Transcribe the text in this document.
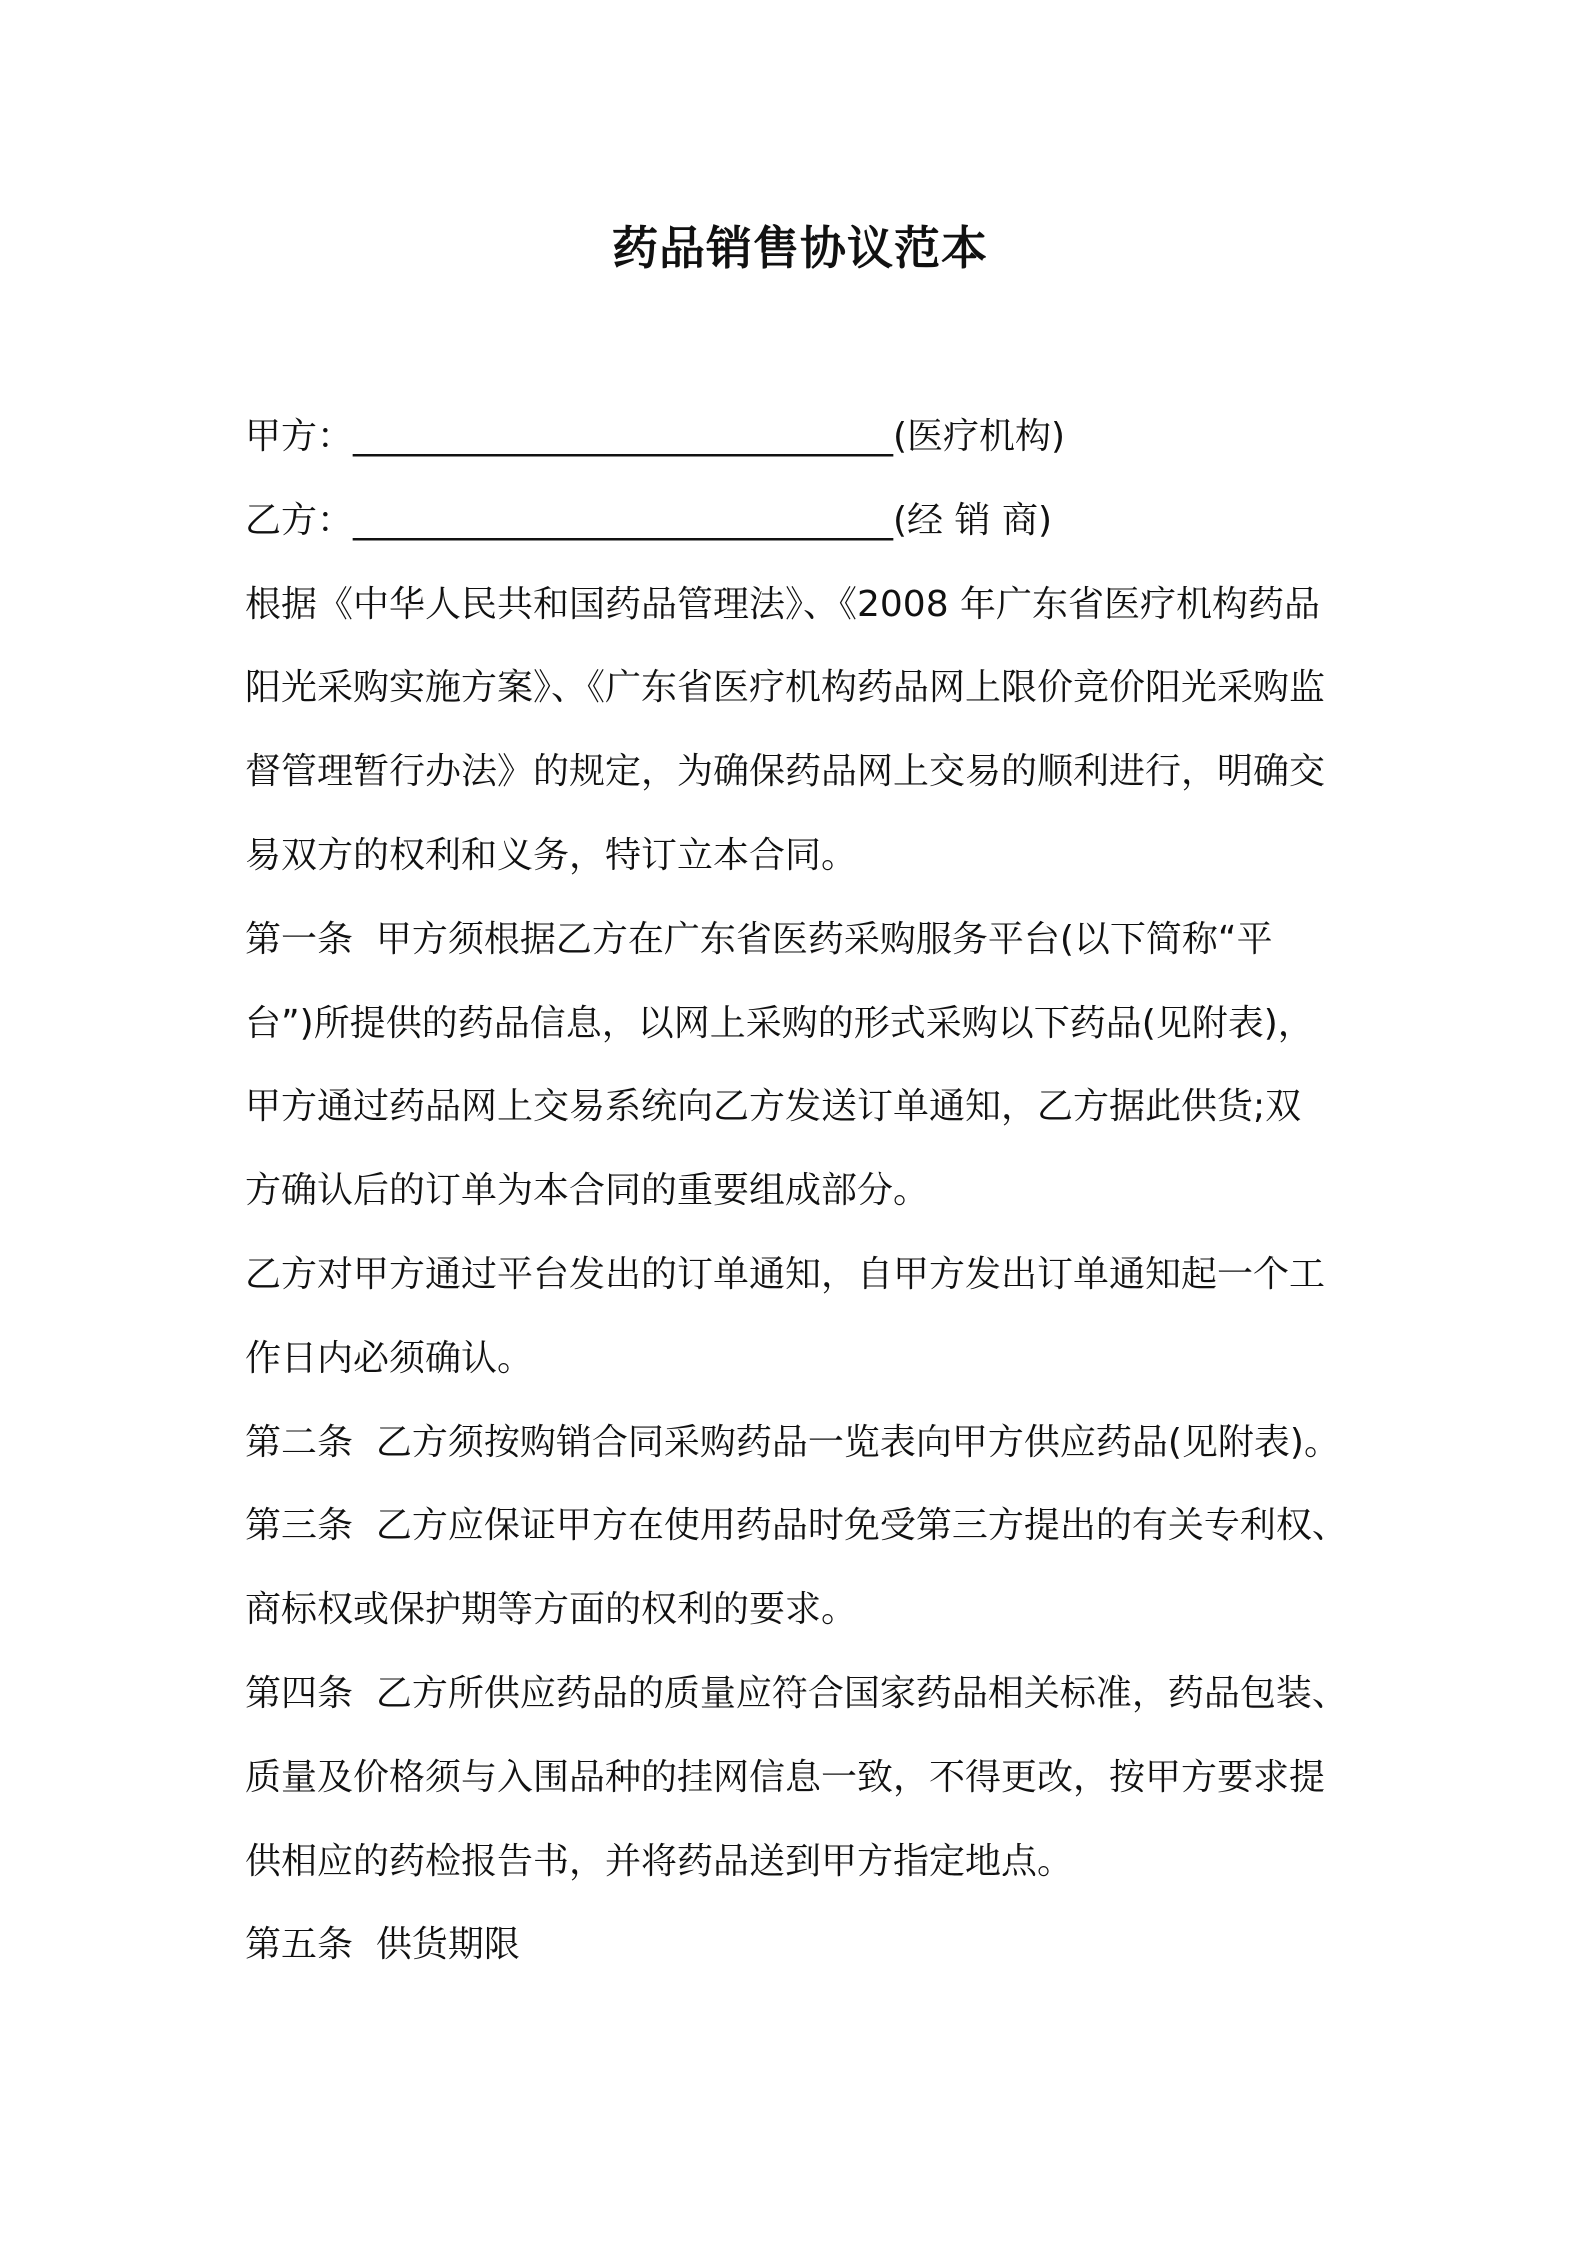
药品销售协议范本
甲方：______________________________(医疗机构)
乙方：______________________________(经 销 商)
根据《中华人民共和国药品管理法》、《2008 年广东省医疗机构药品
阳光采购实施方案》、《广东省医疗机构药品网上限价竞价阳光采购监
督管理暂行办法》的规定，为确保药品网上交易的顺利进行，明确交
易双方的权利和义务，特订立本合同。
第一条  甲方须根据乙方在广东省医药采购服务平台(以下简称“平
台”)所提供的药品信息，以网上采购的形式采购以下药品(见附表)，
甲方通过药品网上交易系统向乙方发送订单通知，乙方据此供货;双
方确认后的订单为本合同的重要组成部分。
乙方对甲方通过平台发出的订单通知，自甲方发出订单通知起一个工
作日内必须确认。
第二条  乙方须按购销合同采购药品一览表向甲方供应药品(见附表)。
第三条  乙方应保证甲方在使用药品时免受第三方提出的有关专利权、
商标权或保护期等方面的权利的要求。
第四条  乙方所供应药品的质量应符合国家药品相关标准，药品包装、
质量及价格须与入围品种的挂网信息一致，不得更改，按甲方要求提
供相应的药检报告书，并将药品送到甲方指定地点。
第五条  供货期限
